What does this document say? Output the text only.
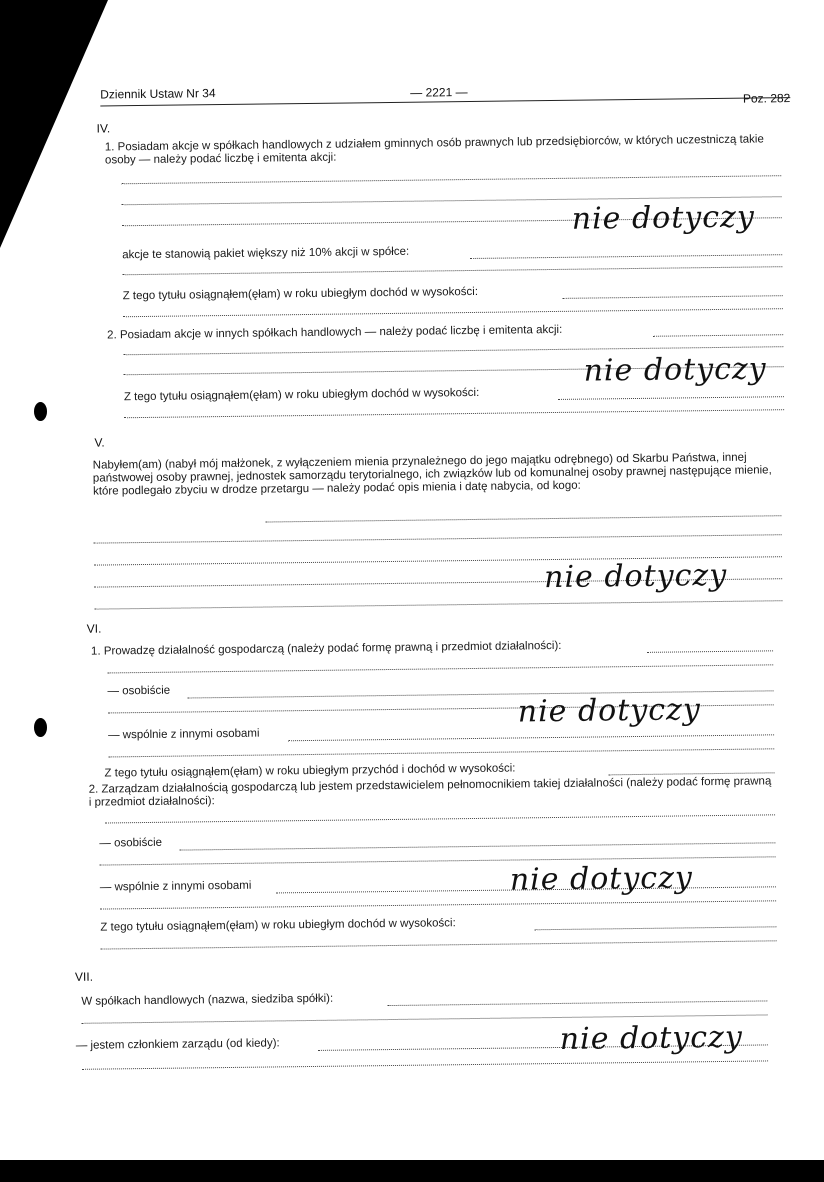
Dziennik Ustaw Nr 34	— 2221 —	Poz. 282
IV.
1. Posiadam akcje w spółkach handlowych z udziałem gminnych osób prawnych lub przedsiębiorców, w których uczestniczą takie osoby — należy podać liczbę i emitenta akcji:
nie dotyczy
akcje te stanowią pakiet większy niż 10% akcji w spółce:
Z tego tytułu osiągnąłem(ęłam) w roku ubiegłym dochód w wysokości:
2. Posiadam akcje w innych spółkach handlowych — należy podać liczbę i emitenta akcji:
nie dotyczy
Z tego tytułu osiągnąłem(ęłam) w roku ubiegłym dochód w wysokości:
V.
Nabyłem(am) (nabył mój małżonek, z wyłączeniem mienia przynależnego do jego majątku odrębnego) od Skarbu Państwa, innej państwowej osoby prawnej, jednostek samorządu terytorialnego, ich związków lub od komunalnej osoby prawnej następujące mienie, które podlegało zbyciu w drodze przetargu — należy podać opis mienia i datę nabycia, od kogo:
nie dotyczy
VI.
1. Prowadzę działalność gospodarczą (należy podać formę prawną i przedmiot działalności):
— osobiście
— wspólnie z innymi osobami
nie dotyczy
Z tego tytułu osiągnąłem(ęłam) w roku ubiegłym przychód i dochód w wysokości:
2. Zarządzam działalnością gospodarczą lub jestem przedstawicielem pełnomocnikiem takiej działalności (należy podać formę prawną i przedmiot działalności):
— osobiście
— wspólnie z innymi osobami	nie dotyczy
Z tego tytułu osiągnąłem(ęłam) w roku ubiegłym dochód w wysokości:
VII.
W spółkach handlowych (nazwa, siedziba spółki):
— jestem członkiem zarządu (od kiedy):	nie dotyczy
